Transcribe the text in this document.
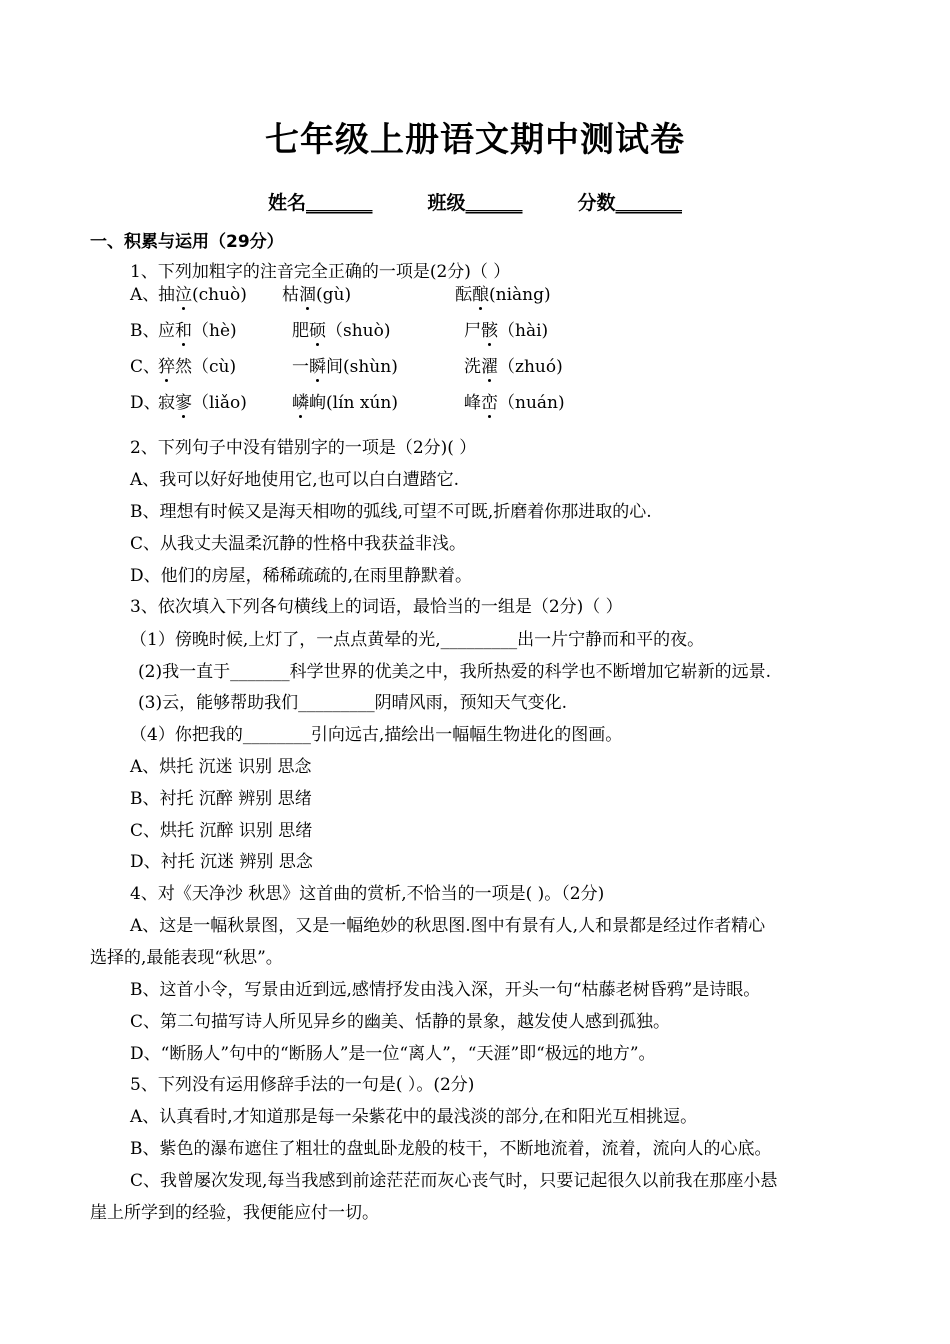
七年级上册语文期中测试卷
姓名_______	班级______	分数_______
一、积累与运用（29分）
1、下列加粗字的注音完全正确的一项是(2分)（ ）
A、
抽泣(chuò) 枯涸(gù)	酝酿(niàng)
B、
应和（hè)	肥硕（shuò)	尸骸（hài)
C、
猝然（cù)	一瞬间(shùn)	洗濯（zhuó)
D、
寂寥（liǎo)	嶙峋(lín xún)	峰峦（nuán)
2、下列句子中没有错别字的一项是（2分)( ）
A、我可以好好地使用它,也可以白白遭踏它.
B、理想有时候又是海天相吻的弧线,可望不可既,折磨着你那进取的心.
C、从我丈夫温柔沉静的性格中我获益非浅。
D、他们的房屋，稀稀疏疏的,在雨里静默着。
3、依次填入下列各句横线上的词语，最恰当的一组是（2分)（ ）
（1）傍晚时候,上灯了，一点点黄晕的光,_________出一片宁静而和平的夜。
(2)我一直于_______科学世界的优美之中，我所热爱的科学也不断增加它崭新的远景.
(3)云，能够帮助我们_________阴晴风雨，预知天气变化.
（4）你把我的________引向远古,描绘出一幅幅生物进化的图画。
A、烘托 沉迷 识别 思念
B、衬托 沉醉 辨别 思绪
C、烘托 沉醉 识别 思绪
D、衬托 沉迷 辨别 思念
4、对《天净沙 秋思》这首曲的赏析,不恰当的一项是( )。（2分)
A、这是一幅秋景图，又是一幅绝妙的秋思图.图中有景有人,人和景都是经过作者精心
选择的,最能表现“秋思”。
B、这首小令，写景由近到远,感情抒发由浅入深，开头一句“枯藤老树昏鸦”是诗眼。
C、第二句描写诗人所见异乡的幽美、恬静的景象，越发使人感到孤独。
D、“断肠人”句中的“断肠人”是一位“离人”，“天涯”即“极远的地方”。
5、下列没有运用修辞手法的一句是( ）。(2分)
A、认真看时,才知道那是每一朵紫花中的最浅淡的部分,在和阳光互相挑逗。
B、紫色的瀑布遮住了粗壮的盘虬卧龙般的枝干，不断地流着，流着，流向人的心底。
C、我曾屡次发现,每当我感到前途茫茫而灰心丧气时，只要记起很久以前我在那座小悬
崖上所学到的经验，我便能应付一切。
